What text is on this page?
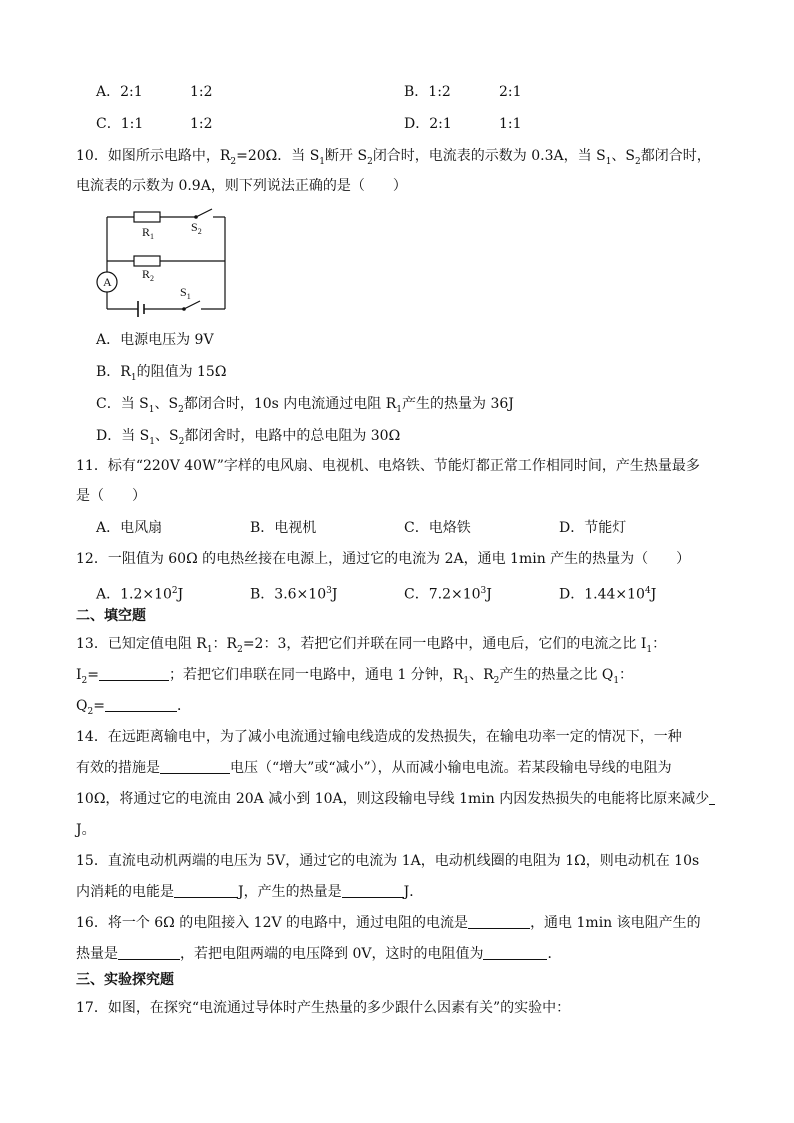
A．2:1	1:2	B．1:2	2:1
C．1:1	1:2	D．2:1	1:1
10．如图所示电路中，$R_2=20\Omega$．当 $S_1$断开 $S_2$闭合时，电流表的示数为 0.3A，当 $S_1$、$S_2$都闭合时，
电流表的示数为 0.9A，则下列说法正确的是（　　）
A
$R_1$
$S_2$
$R_2$
$S_1$
A．电源电压为 9V
B．$R_1$的阻值为 15Ω
C．当 $S_1$、$S_2$都闭合时，10s 内电流通过电阻 $R_1$产生的热量为 36J
D．当 $S_1$、$S_2$都闭舍时，电路中的总电阻为 30Ω
11．标有“220V 40W”字样的电风扇、电视机、电烙铁、节能灯都正常工作相同时间，产生热量最多
是（　　）
A．电风扇	B．电视机	C．电烙铁	D．节能灯
12．一阻值为 60Ω 的电热丝接在电源上，通过它的电流为 2A，通电 1min 产生的热量为（　　）
A．$1.2\times 10^2J$	B．$3.6\times 10^3J$	C．$7.2\times 10^3J$	D．$1.44\times 10^4J$
二、填空题
13．已知定值电阻 $R_1$：$R_2=2$：3，若把它们并联在同一电路中，通电后，它们的电流之比 $I_1$：
$I_2=$	；若把它们串联在同一电路中，通电 1 分钟，$R_1$、$R_2$产生的热量之比 $Q_1$：
$Q_2=$	．
14．在远距离输电中，为了减小电流通过输电线造成的发热损失，在输电功率一定的情况下，一种
有效的措施是	电压（“增大”或“减小”），从而减小输电电流。若某段输电导线的电阻为
10Ω，将通过它的电流由 20A 减小到 10A，则这段输电导线 1min 内因发热损失的电能将比原来减少
J。
15．直流电动机两端的电压为 5V，通过它的电流为 1A，电动机线圈的电阻为 1Ω，则电动机在 10s
内消耗的电能是	J，产生的热量是	J．
16．将一个 6Ω 的电阻接入 12V 的电路中，通过电阻的电流是	，通电 1min 该电阻产生的
热量是	，若把电阻两端的电压降到 0V，这时的电阻值为	．
三、实验探究题
17．如图，在探究“电流通过导体时产生热量的多少跟什么因素有关”的实验中：
